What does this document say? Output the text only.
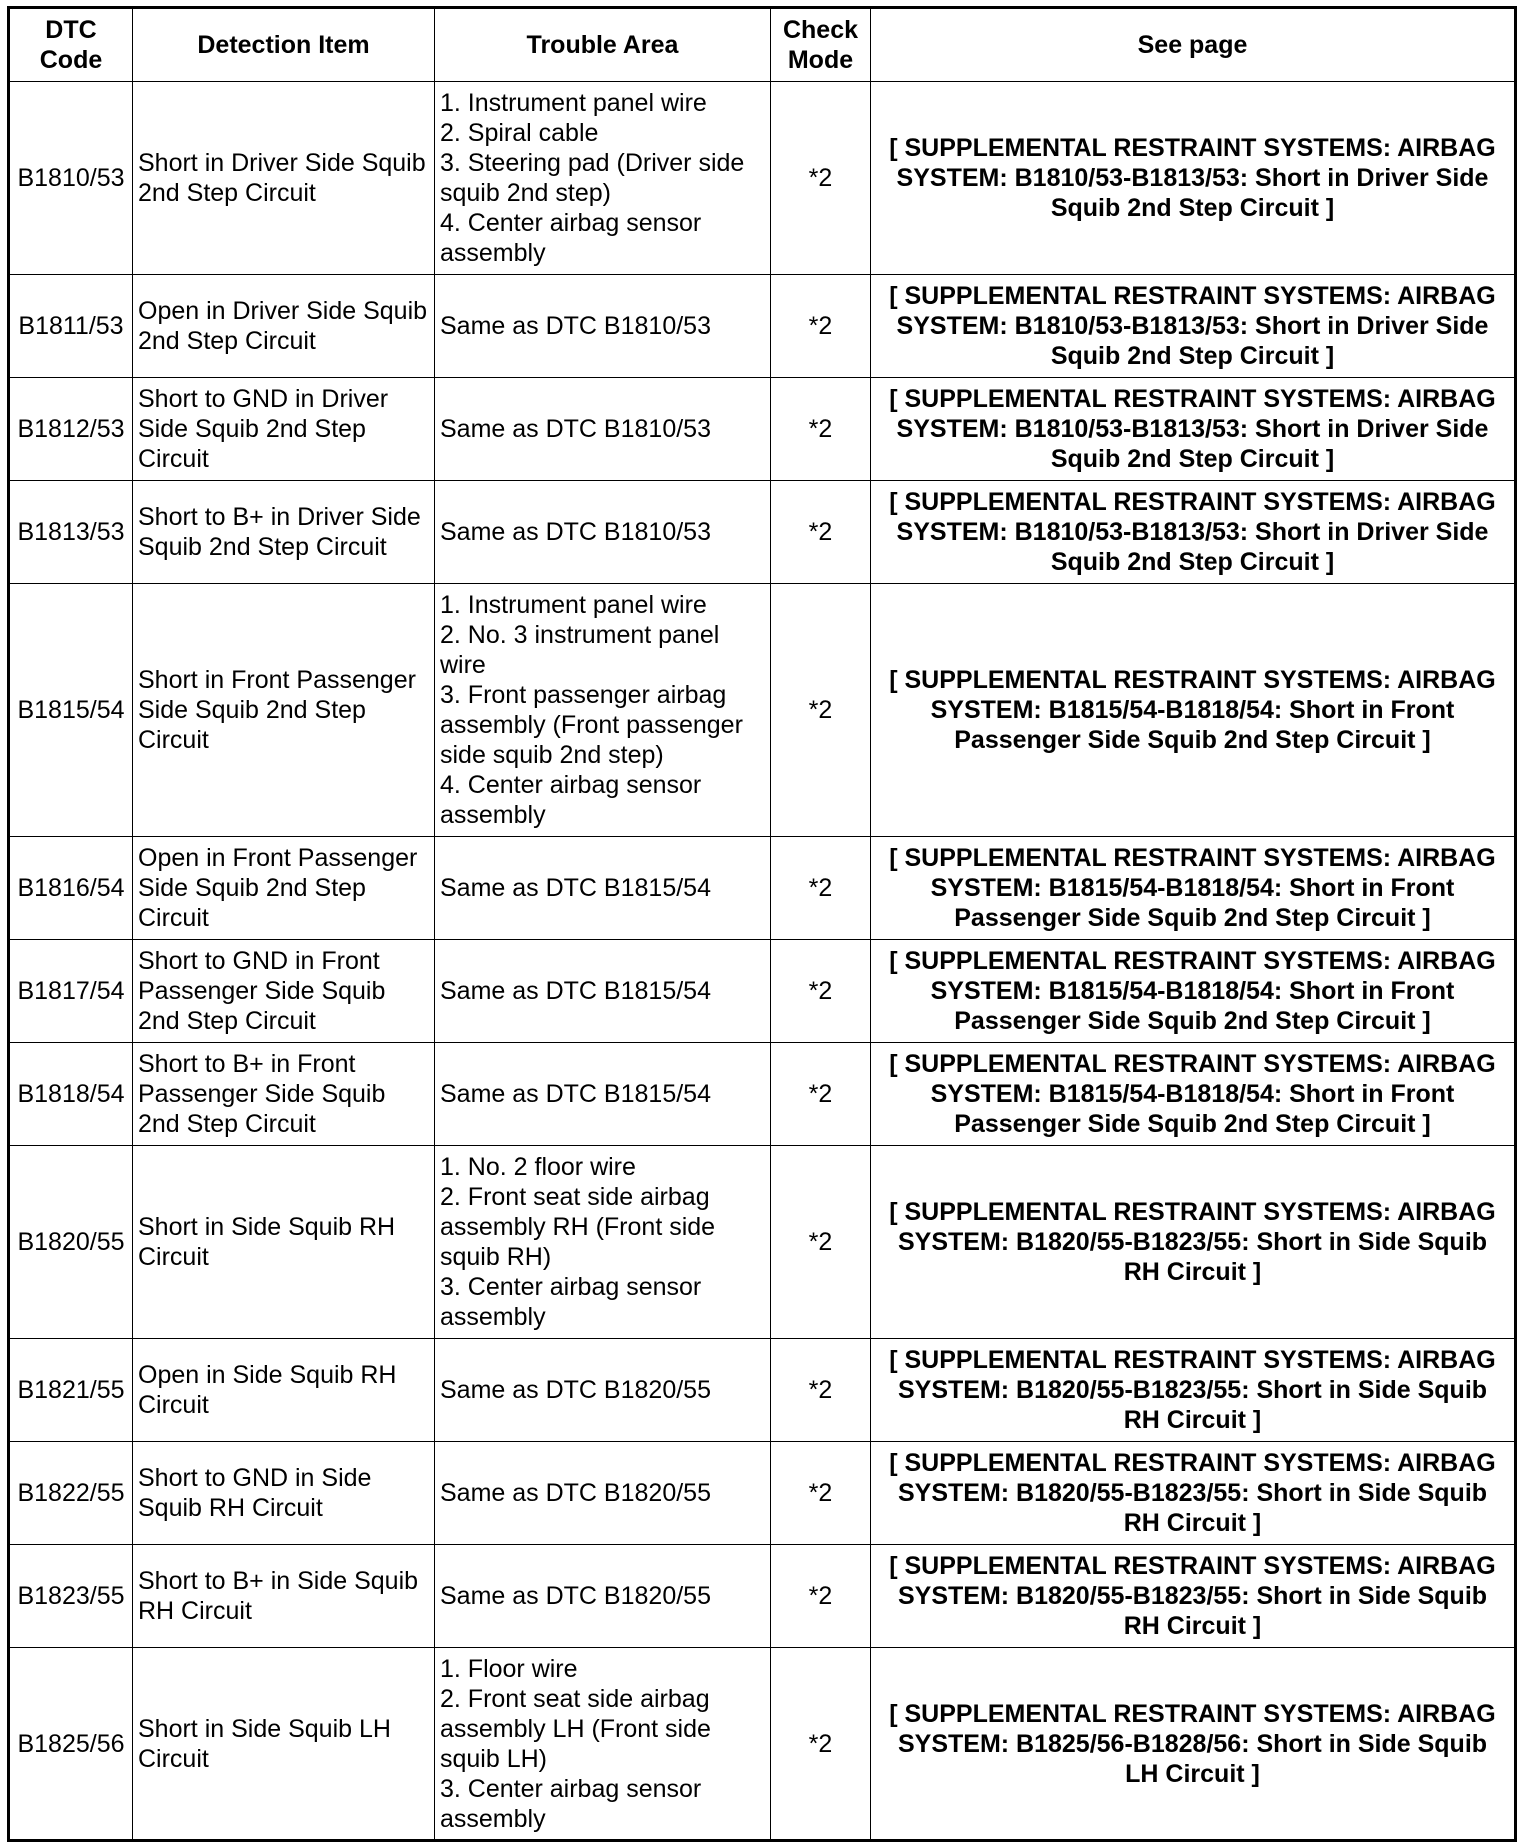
DTC Code	Detection Item	Trouble Area	Check Mode	See page
B1810/53	Short in Driver Side Squib 2nd Step Circuit	1. Instrument panel wire
2. Spiral cable
3. Steering pad (Driver side squib 2nd step)
4. Center airbag sensor assembly	*2	[ SUPPLEMENTAL RESTRAINT SYSTEMS: AIRBAG SYSTEM: B1810/53-B1813/53: Short in Driver Side Squib 2nd Step Circuit ]
B1811/53	Open in Driver Side Squib 2nd Step Circuit	Same as DTC B1810/53	*2	[ SUPPLEMENTAL RESTRAINT SYSTEMS: AIRBAG SYSTEM: B1810/53-B1813/53: Short in Driver Side Squib 2nd Step Circuit ]
B1812/53	Short to GND in Driver Side Squib 2nd Step Circuit	Same as DTC B1810/53	*2	[ SUPPLEMENTAL RESTRAINT SYSTEMS: AIRBAG SYSTEM: B1810/53-B1813/53: Short in Driver Side Squib 2nd Step Circuit ]
B1813/53	Short to B+ in Driver Side Squib 2nd Step Circuit	Same as DTC B1810/53	*2	[ SUPPLEMENTAL RESTRAINT SYSTEMS: AIRBAG SYSTEM: B1810/53-B1813/53: Short in Driver Side Squib 2nd Step Circuit ]
B1815/54	Short in Front Passenger Side Squib 2nd Step Circuit	1. Instrument panel wire
2. No. 3 instrument panel wire
3. Front passenger airbag assembly (Front passenger side squib 2nd step)
4. Center airbag sensor assembly	*2	[ SUPPLEMENTAL RESTRAINT SYSTEMS: AIRBAG SYSTEM: B1815/54-B1818/54: Short in Front Passenger Side Squib 2nd Step Circuit ]
B1816/54	Open in Front Passenger Side Squib 2nd Step Circuit	Same as DTC B1815/54	*2	[ SUPPLEMENTAL RESTRAINT SYSTEMS: AIRBAG SYSTEM: B1815/54-B1818/54: Short in Front Passenger Side Squib 2nd Step Circuit ]
B1817/54	Short to GND in Front Passenger Side Squib 2nd Step Circuit	Same as DTC B1815/54	*2	[ SUPPLEMENTAL RESTRAINT SYSTEMS: AIRBAG SYSTEM: B1815/54-B1818/54: Short in Front Passenger Side Squib 2nd Step Circuit ]
B1818/54	Short to B+ in Front Passenger Side Squib 2nd Step Circuit	Same as DTC B1815/54	*2	[ SUPPLEMENTAL RESTRAINT SYSTEMS: AIRBAG SYSTEM: B1815/54-B1818/54: Short in Front Passenger Side Squib 2nd Step Circuit ]
B1820/55	Short in Side Squib RH Circuit	1. No. 2 floor wire
2. Front seat side airbag assembly RH (Front side squib RH)
3. Center airbag sensor assembly	*2	[ SUPPLEMENTAL RESTRAINT SYSTEMS: AIRBAG SYSTEM: B1820/55-B1823/55: Short in Side Squib RH Circuit ]
B1821/55	Open in Side Squib RH Circuit	Same as DTC B1820/55	*2	[ SUPPLEMENTAL RESTRAINT SYSTEMS: AIRBAG SYSTEM: B1820/55-B1823/55: Short in Side Squib RH Circuit ]
B1822/55	Short to GND in Side Squib RH Circuit	Same as DTC B1820/55	*2	[ SUPPLEMENTAL RESTRAINT SYSTEMS: AIRBAG SYSTEM: B1820/55-B1823/55: Short in Side Squib RH Circuit ]
B1823/55	Short to B+ in Side Squib RH Circuit	Same as DTC B1820/55	*2	[ SUPPLEMENTAL RESTRAINT SYSTEMS: AIRBAG SYSTEM: B1820/55-B1823/55: Short in Side Squib RH Circuit ]
B1825/56	Short in Side Squib LH Circuit	1. Floor wire
2. Front seat side airbag assembly LH (Front side squib LH)
3. Center airbag sensor assembly	*2	[ SUPPLEMENTAL RESTRAINT SYSTEMS: AIRBAG SYSTEM: B1825/56-B1828/56: Short in Side Squib LH Circuit ]
